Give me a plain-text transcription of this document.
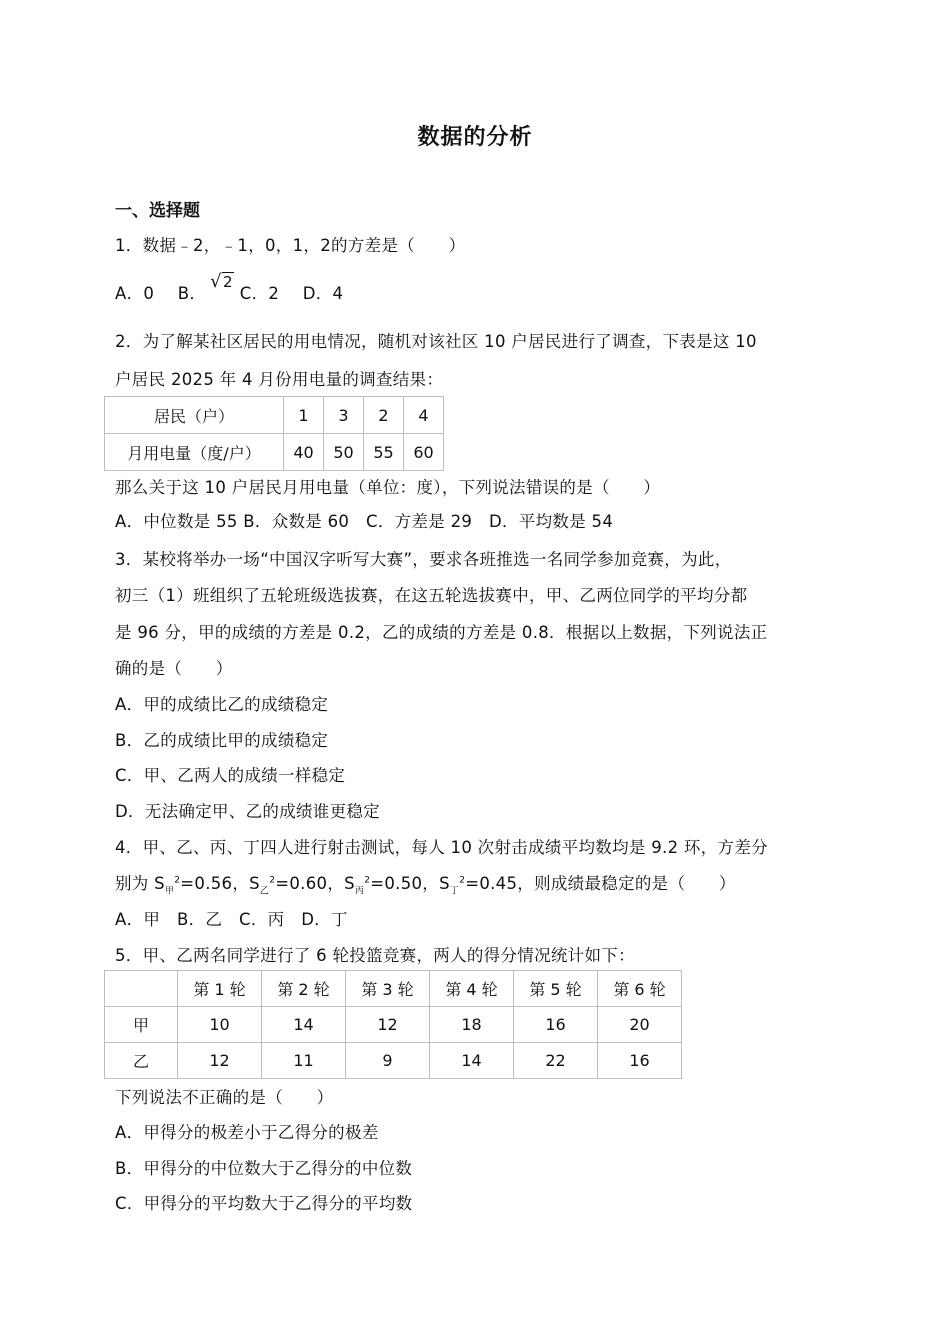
数据的分析
一、选择题
1．数据﹣2，﹣1，0，1，2的方差是（　　）
A．0 B．√2C．2 D．4
2．为了解某社区居民的用电情况，随机对该社区 10 户居民进行了调查，下表是这 10
户居民 2025 年 4 月份用电量的调查结果：
居民（户）	1	3	2	4
月用电量（度/户）	40	50	55	60
那么关于这 10 户居民月用电量（单位：度），下列说法错误的是（　　）
A．中位数是 55 B．众数是 60　C．方差是 29　D．平均数是 54
3．某校将举办一场“中国汉字听写大赛”，要求各班推选一名同学参加竞赛，为此，
初三（1）班组织了五轮班级选拔赛，在这五轮选拔赛中，甲、乙两位同学的平均分都
是 96 分，甲的成绩的方差是 0.2，乙的成绩的方差是 0.8．根据以上数据，下列说法正
确的是（　　）
A．甲的成绩比乙的成绩稳定
B．乙的成绩比甲的成绩稳定
C．甲、乙两人的成绩一样稳定
D．无法确定甲、乙的成绩谁更稳定
4．甲、乙、丙、丁四人进行射击测试，每人 10 次射击成绩平均数均是 9.2 环，方差分
别为 $S_甲^2=0.56$，$S_乙^2=0.60$，$S_丙^2=0.50$，$S_丁^2=0.45$，则成绩最稳定的是（　　）
A．甲　B．乙　C．丙　D．丁
5．甲、乙两名同学进行了 6 轮投篮竞赛，两人的得分情况统计如下：
	第 1 轮	第 2 轮	第 3 轮	第 4 轮	第 5 轮	第 6 轮
甲	10	14	12	18	16	20
乙	12	11	9	14	22	16
下列说法不正确的是（　　）
A．甲得分的极差小于乙得分的极差
B．甲得分的中位数大于乙得分的中位数
C．甲得分的平均数大于乙得分的平均数
